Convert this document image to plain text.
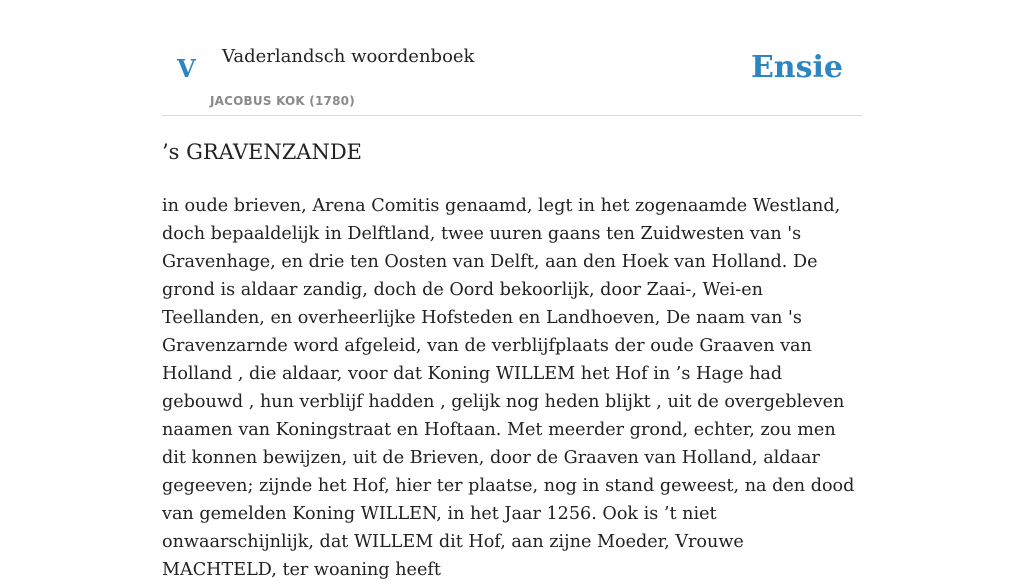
V Vaderlandsch woordenboek
JACOBUS KOK (1780)
Ensie
’s GRAVENZANDE

in oude brieven, Arena Comitis genaamd, legt in het zogenaamde Westland, doch bepaaldelijk in Delftland, twee uuren gaans ten Zuidwesten van 's Gravenhage, en drie ten Oosten van Delft, aan den Hoek van Holland. De grond is aldaar zandig, doch de Oord bekoorlijk, door Zaai-, Wei-en Teellanden, en overheerlijke Hofsteden en Landhoeven, De naam van 's Gravenzarnde word afgeleid, van de verblijfplaats der oude Graaven van Holland , die aldaar, voor dat Koning WILLEM het Hof in ’s Hage had gebouwd , hun verblijf hadden , gelijk nog heden blijkt , uit de overgebleven naamen van Koningstraat en Hoftaan. Met meerder grond, echter, zou men dit konnen bewijzen, uit de Brieven, door de Graaven van Holland, aldaar gegeeven; zijnde het Hof, hier ter plaatse, nog in stand geweest, na den dood van gemelden Koning WILLEN, in het Jaar 1256. Ook is ’t niet onwaarschijnlijk, dat WILLEM dit Hof, aan zijne Moeder, Vrouwe MACHTELD, ter woaning heeft
